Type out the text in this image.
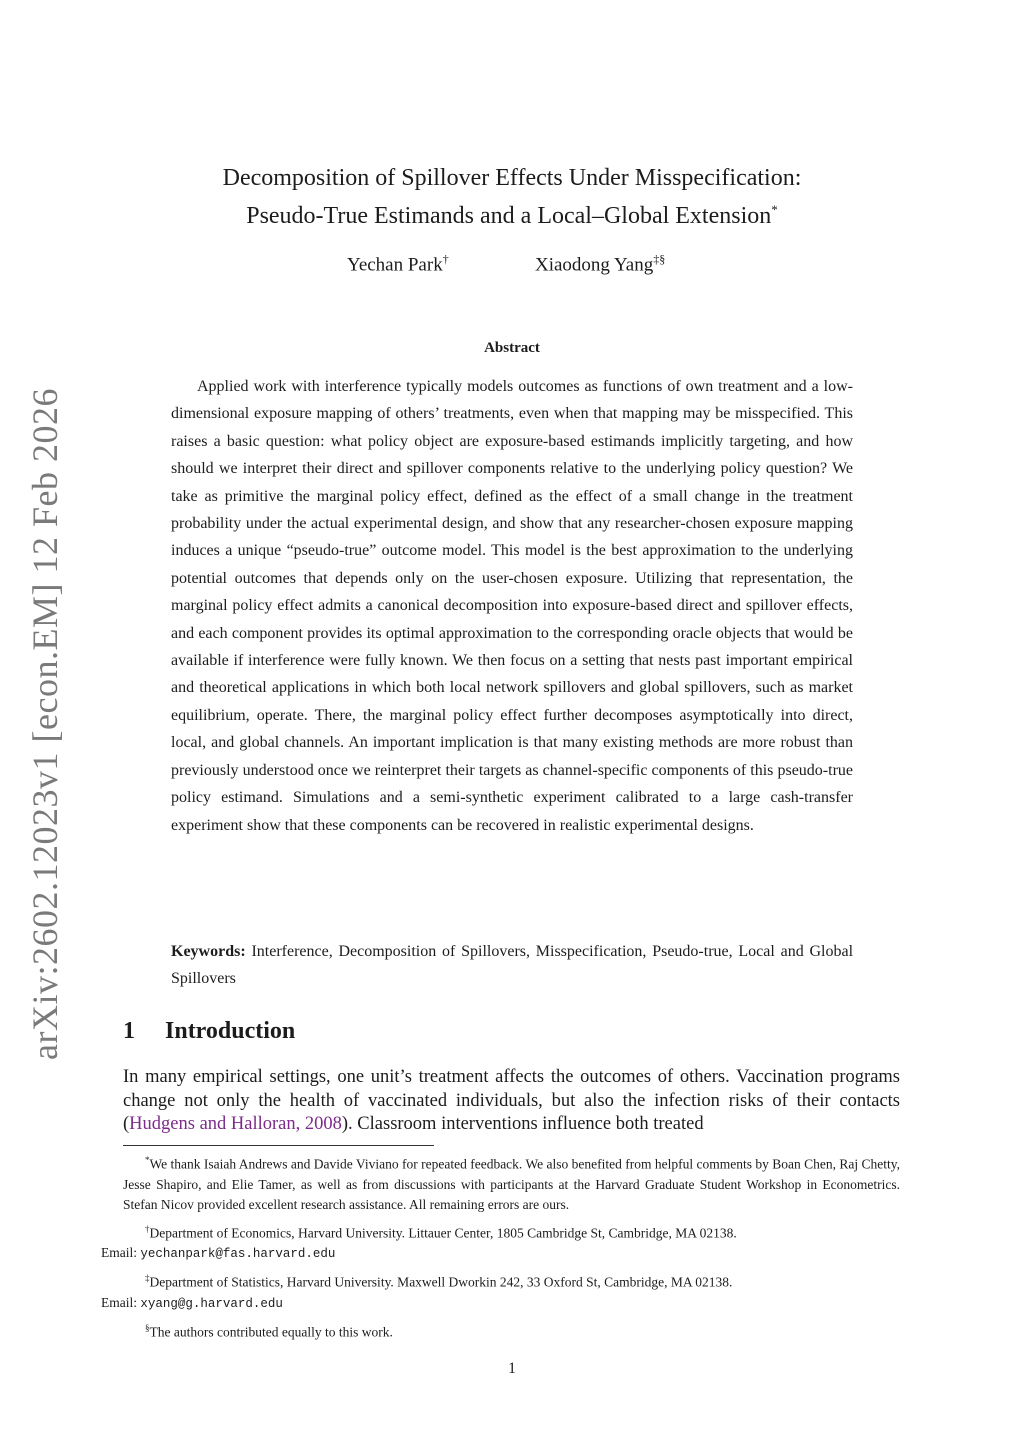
arXiv:2602.12023v1 [econ.EM] 12 Feb 2026
Decomposition of Spillover Effects Under Misspecification:
Pseudo-True Estimands and a Local–Global Extension*
Yechan Park†	Xiaodong Yang‡§
Abstract
Applied work with interference typically models outcomes as functions of own treatment and a low-dimensional exposure mapping of others’ treatments, even when that mapping may be misspecified. This raises a basic question: what policy object are exposure-based estimands implicitly targeting, and how should we interpret their direct and spillover components relative to the underlying policy question? We take as primitive the marginal policy effect, defined as the effect of a small change in the treatment probability under the actual experimental design, and show that any researcher-chosen exposure mapping induces a unique “pseudo-true” outcome model. This model is the best approximation to the underlying potential outcomes that depends only on the user-chosen exposure. Utilizing that representation, the marginal policy effect admits a canonical decomposition into exposure-based direct and spillover effects, and each component provides its optimal approximation to the corresponding oracle objects that would be available if interference were fully known. We then focus on a setting that nests past important empirical and theoretical applications in which both local network spillovers and global spillovers, such as market equilibrium, operate. There, the marginal policy effect further decomposes asymptotically into direct, local, and global channels. An important implication is that many existing methods are more robust than previously understood once we reinterpret their targets as channel-specific components of this pseudo-true policy estimand. Simulations and a semi-synthetic experiment calibrated to a large cash-transfer experiment show that these components can be recovered in realistic experimental designs.
Keywords: Interference, Decomposition of Spillovers, Misspecification, Pseudo-true, Local and Global Spillovers
1 Introduction
In many empirical settings, one unit’s treatment affects the outcomes of others. Vaccination programs change not only the health of vaccinated individuals, but also the infection risks of their contacts (Hudgens and Halloran, 2008). Classroom interventions influence both treated

*We thank Isaiah Andrews and Davide Viviano for repeated feedback. We also benefited from helpful comments by Boan Chen, Raj Chetty, Jesse Shapiro, and Elie Tamer, as well as from discussions with participants at the Harvard Graduate Student Workshop in Econometrics. Stefan Nicov provided excellent research assistance. All remaining errors are ours.

†Department of Economics, Harvard University. Littauer Center, 1805 Cambridge St, Cambridge, MA 02138.
Email: yechanpark@fas.harvard.edu

‡Department of Statistics, Harvard University. Maxwell Dworkin 242, 33 Oxford St, Cambridge, MA 02138.
Email: xyang@g.harvard.edu

§The authors contributed equally to this work.

1
